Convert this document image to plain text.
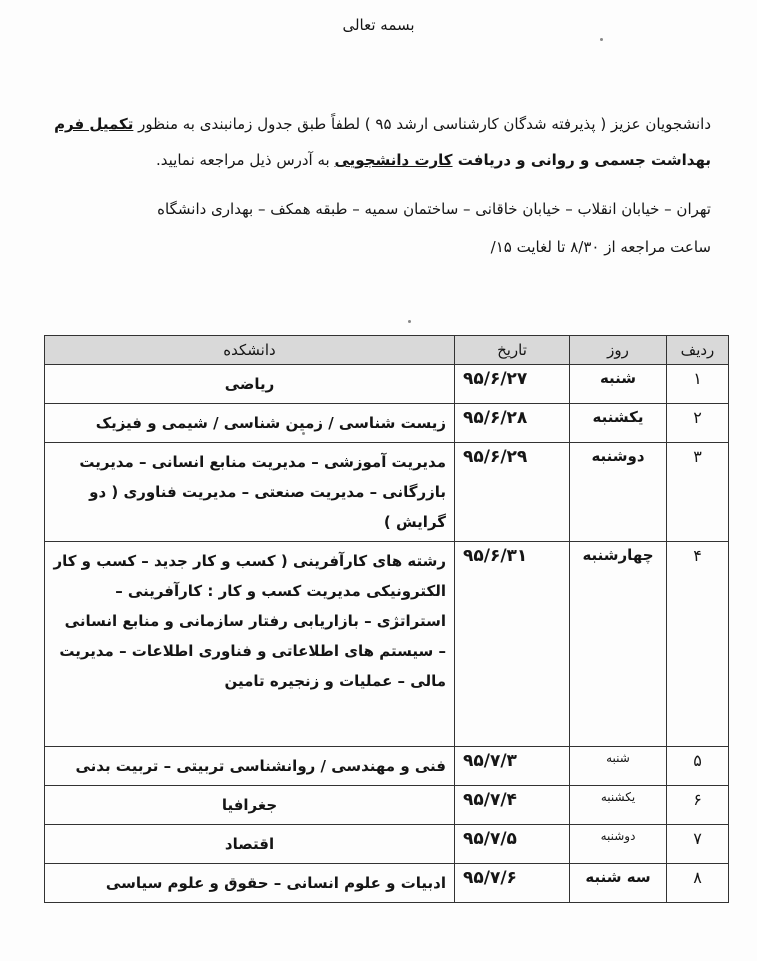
بسمه تعالی
دانشجویان عزیز ( پذیرفته شدگان کارشناسی ارشد ۹۵ ) لطفاً طبق جدول زمانبندی به منظور تکمیل فرم بهداشت جسمی و روانی و دریافت کارت دانشجویی به آدرس ذیل مراجعه نمایید.
تهران – خیابان انقلاب – خیابان خاقانی – ساختمان سمیه – طبقه همکف – بهداری دانشگاه
ساعت مراجعه از ۸/۳۰ تا لغایت ۱۵/
ردیف	روز	تاریخ	دانشکده
۱	شنبه	۹۵/۶/۲۷	ریاضی
۲	یکشنبه	۹۵/۶/۲۸	زیست شناسی / زمین شناسی / شیمی و فیزیک
۳	دوشنبه	۹۵/۶/۲۹	مدیریت آموزشی – مدیریت منابع انسانی – مدیریت بازرگانی – مدیریت صنعتی – مدیریت فناوری ( دو گرایش )
۴	چهارشنبه	۹۵/۶/۳۱	رشته های کارآفرینی ( کسب و کار جدید – کسب و کار الکترونیکی مدیریت کسب و کار : کارآفرینی – استراتژی – بازاریابی رفتار سازمانی و منابع انسانی – سیستم های اطلاعاتی و فناوری اطلاعات – مدیریت مالی – عملیات و زنجیره تامین
۵	شنبه	۹۵/۷/۳	فنی و مهندسی / روانشناسی تربیتی – تربیت بدنی
۶	یکشنبه	۹۵/۷/۴	جغرافیا
۷	دوشنبه	۹۵/۷/۵	اقتصاد
۸	سه شنبه	۹۵/۷/۶	ادبیات و علوم انسانی – حقوق و علوم سیاسی
